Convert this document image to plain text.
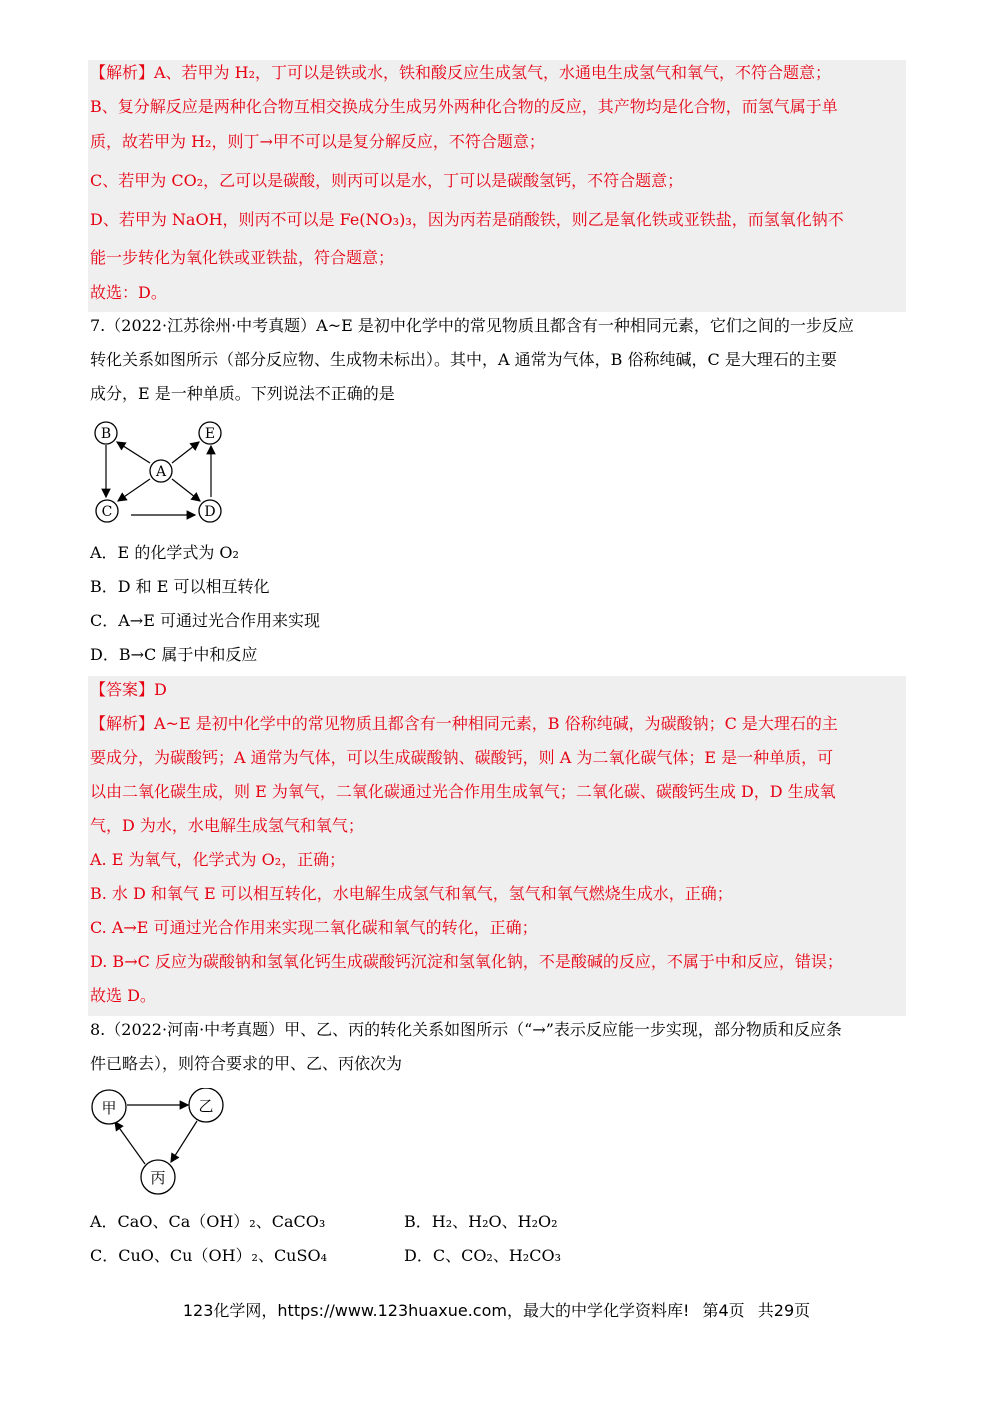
【解析】A、若甲为 H₂，丁可以是铁或水，铁和酸反应生成氢气，水通电生成氢气和氧气，不符合题意；
B、复分解反应是两种化合物互相交换成分生成另外两种化合物的反应，其产物均是化合物，而氢气属于单
质，故若甲为 H₂，则丁→甲不可以是复分解反应，不符合题意；
C、若甲为 CO₂，乙可以是碳酸，则丙可以是水，丁可以是碳酸氢钙，不符合题意；
D、若甲为 NaOH，则丙不可以是 Fe(NO₃)₃，因为丙若是硝酸铁，则乙是氧化铁或亚铁盐，而氢氧化钠不
能一步转化为氧化铁或亚铁盐，符合题意；
故选：D。
7.（2022·江苏徐州·中考真题）A~E 是初中化学中的常见物质且都含有一种相同元素，它们之间的一步反应
转化关系如图所示（部分反应物、生成物未标出）。其中，A 通常为气体，B 俗称纯碱，C 是大理石的主要
成分，E 是一种单质。下列说法不正确的是
B	E
A
C	D
A．E 的化学式为 O₂
B．D 和 E 可以相互转化
C．A→E 可通过光合作用来实现
D．B→C 属于中和反应
【答案】D
【解析】A~E 是初中化学中的常见物质且都含有一种相同元素，B 俗称纯碱，为碳酸钠；C 是大理石的主
要成分，为碳酸钙；A 通常为气体，可以生成碳酸钠、碳酸钙，则 A 为二氧化碳气体；E 是一种单质，可
以由二氧化碳生成，则 E 为氧气，二氧化碳通过光合作用生成氧气；二氧化碳、碳酸钙生成 D，D 生成氧
气，D 为水，水电解生成氢气和氧气；
A. E 为氧气，化学式为 O₂，正确；
B. 水 D 和氧气 E 可以相互转化，水电解生成氢气和氧气，氢气和氧气燃烧生成水，正确；
C. A→E 可通过光合作用来实现二氧化碳和氧气的转化，正确；
D. B→C 反应为碳酸钠和氢氧化钙生成碳酸钙沉淀和氢氧化钠，不是酸碱的反应，不属于中和反应，错误；
故选 D。
8.（2022·河南·中考真题）甲、乙、丙的转化关系如图所示（“→”表示反应能一步实现，部分物质和反应条
件已略去），则符合要求的甲、乙、丙依次为
甲	乙
丙
A．CaO、Ca（OH）₂、CaCO₃	B．H₂、H₂O、H₂O₂
C．CuO、Cu（OH）₂、CuSO₄	D．C、CO₂、H₂CO₃
123化学网，https://www.123huaxue.com，最大的中学化学资料库! 第4页 共29页
